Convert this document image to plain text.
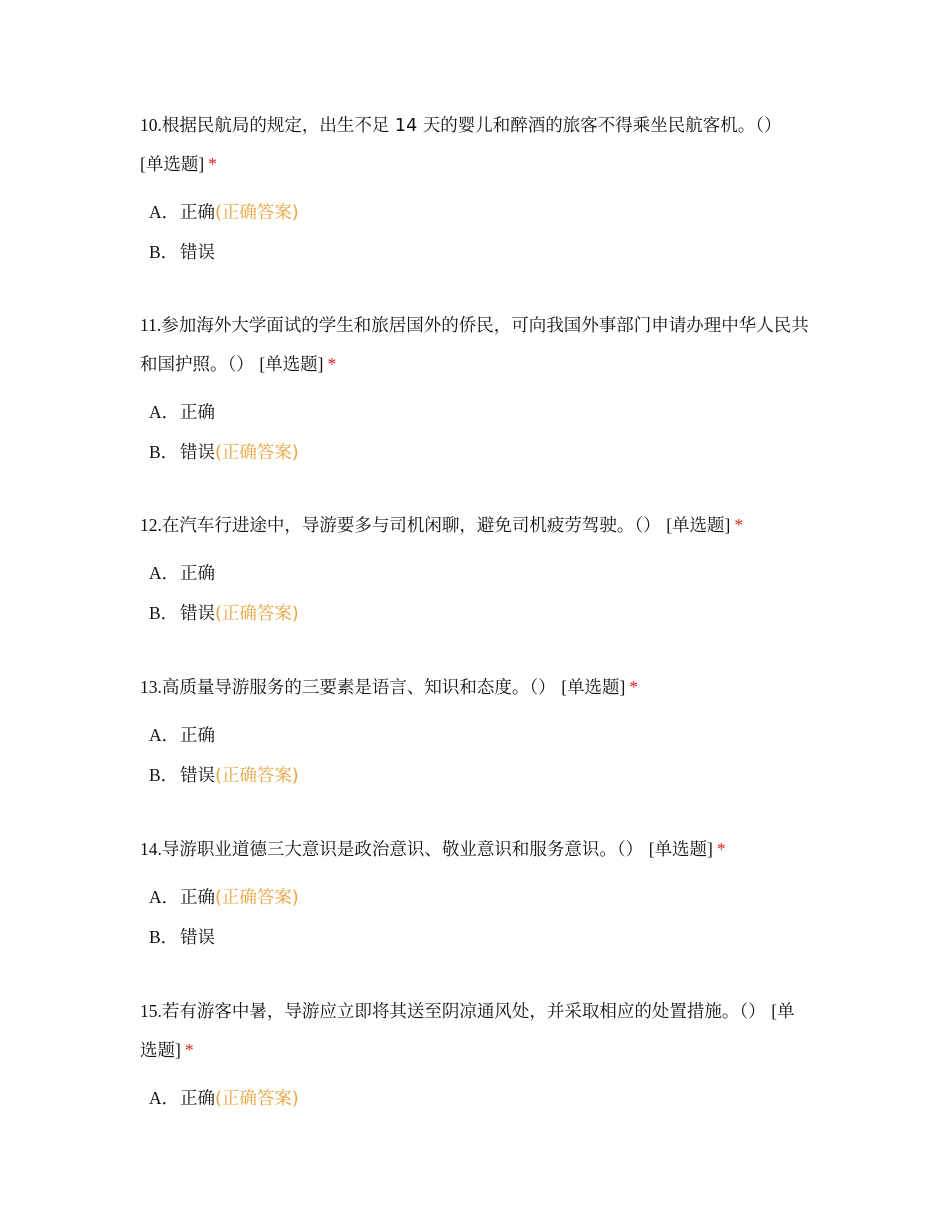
10.根据民航局的规定，出生不足 14 天的婴儿和醉酒的旅客不得乘坐民航客机。（） [单选题] *

A．正确(正确答案)
B． 错误

11.参加海外大学面试的学生和旅居国外的侨民，可向我国外事部门申请办理中华人民共和国护照。（） [单选题] *

A．正确
B． 错误(正确答案)

12.在汽车行进途中，导游要多与司机闲聊，避免司机疲劳驾驶。（） [单选题] *

A．正确
B． 错误(正确答案)

13.高质量导游服务的三要素是语言、知识和态度。（） [单选题] *

A．正确
B． 错误(正确答案)

14.导游职业道德三大意识是政治意识、敬业意识和服务意识。（） [单选题] *

A．正确(正确答案)
B． 错误

15.若有游客中暑，导游应立即将其送至阴凉通风处，并采取相应的处置措施。（） [单选题] *

A．正确(正确答案)
